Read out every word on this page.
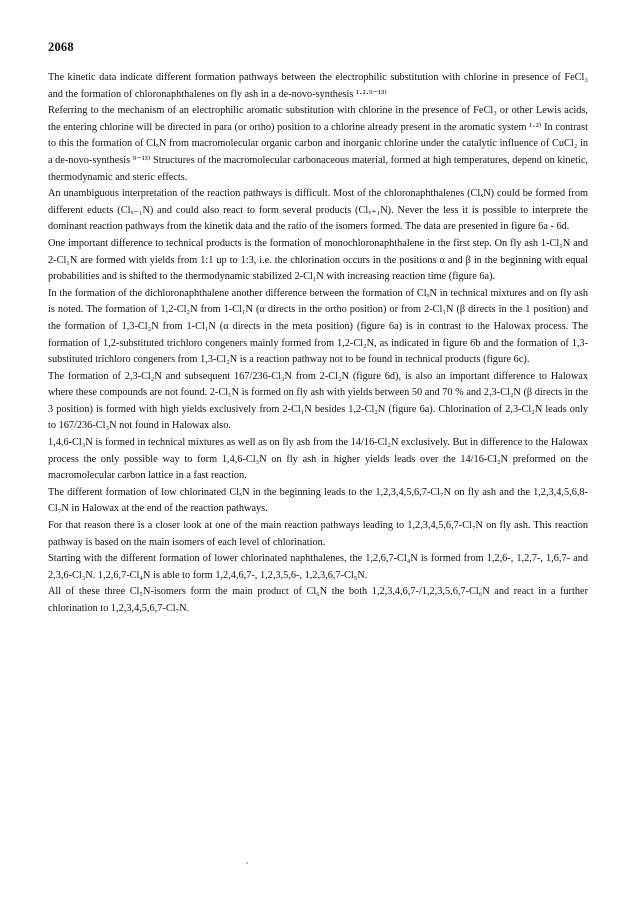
2068

The kinetic data indicate different formation pathways between the electrophilic substitution with chlorine in presence of FeCl₃ and the formation of chloronaphthalenes on fly ash in a de-novo-synthesis ¹·²·⁹⁻¹³⁾

Referring to the mechanism of an electrophilic aromatic substitution with chlorine in the presence of FeCl₃ or other Lewis acids, the entering chlorine will be directed in para (or ortho) position to a chlorine already present in the aromatic system ¹·²⁾ In contrast to this the formation of ClₓN from macromolecular organic carbon and inorganic chlorine under the catalytic influence of CuCl₂ in a de-novo-synthesis ⁹⁻¹³⁾ Structures of the macromolecular carbonaceous material, formed at high temperatures, depend on kinetic, thermodynamic and steric effects.

An unambiguous interpretation of the reaction pathways is difficult. Most of the chloronaphthalenes (ClₓN) could be formed from different educts (Clₓ₋₁N) and could also react to form several products (Clₓ₊₁N). Never the less it is possible to interprete the dominant reaction pathways from the kinetik data and the ratio of the isomers formed. The data are presented in figure 6a - 6d.

One important difference to technical products is the formation of monochloronaphthalene in the first step. On fly ash 1-Cl₁N and 2-Cl₁N are formed with yields from 1:1 up to 1:3, i.e. the chlorination occurs in the positions α and β in the beginning with equal probabilities and is shifted to the thermodynamic stabilized 2-Cl₁N with increasing reaction time (figure 6a).

In the formation of the dichloronaphthalene another difference between the formation of ClₓN in technical mixtures and on fly ash is noted. The formation of 1,2-Cl₂N from 1-Cl₁N (α directs in the ortho position) or from 2-Cl₁N (β directs in the 1 position) and the formation of 1,3-Cl₂N from 1-Cl₁N (α directs in the meta position) (figure 6a) is in contrast to the Halowax process. The formation of 1,2-substituted trichloro congeners mainly formed from 1,2-Cl₂N, as indicated in figure 6b and the formation of 1,3-substituted trichloro congeners from 1,3-Cl₂N is a reaction pathway not to be found in technical products (figure 6c).

The formation of 2,3-Cl₂N and subsequent 167/236-Cl₃N from 2-Cl₂N (figure 6d), is also an important difference to Halowax where these compounds are not found. 2-Cl₁N is formed on fly ash with yields between 50 and 70 % and 2,3-Cl₂N (β directs in the 3 position) is formed with high yields exclusively from 2-Cl₁N besides 1,2-Cl₂N (figure 6a). Chlorination of 2,3-Cl₂N leads only to 167/236-Cl₃N not found in Halowax also.

1,4,6-Cl₃N is formed in technical mixtures as well as on fly ash from the 14/16-Cl₂N exclusively. But in difference to the Halowax process the only possible way to form 1,4,6-Cl₃N on fly ash in higher yields leads over the 14/16-Cl₂N preformed on the macromolecular carbon lattice in a fast reaction.

The different formation of low chlorinated ClₓN in the beginning leads to the 1,2,3,4,5,6,7-Cl₇N on fly ash and the 1,2,3,4,5,6,8-Cl₇N in Halowax at the end of the reaction pathways.

For that reason there is a closer look at one of the main reaction pathways leading to 1,2,3,4,5,6,7-Cl₇N on fly ash. This reaction pathway is based on the main isomers of each level of chlorination.

Starting with the different formation of lower chlorinated naphthalenes, the 1,2,6,7-Cl₄N is formed from 1,2,6-, 1,2,7-, 1,6,7- and 2,3,6-Cl₃N. 1,2,6,7-Cl₄N is able to form 1,2,4,6,7-, 1,2,3,5,6-, 1,2,3,6,7-Cl₅N.

All of these three Cl₅N-isomers form the main product of Cl₆N the both 1,2,3,4,6,7-/1,2,3,5,6,7-Cl₆N and react in a further chlorination to 1,2,3,4,5,6,7-Cl₇N.
